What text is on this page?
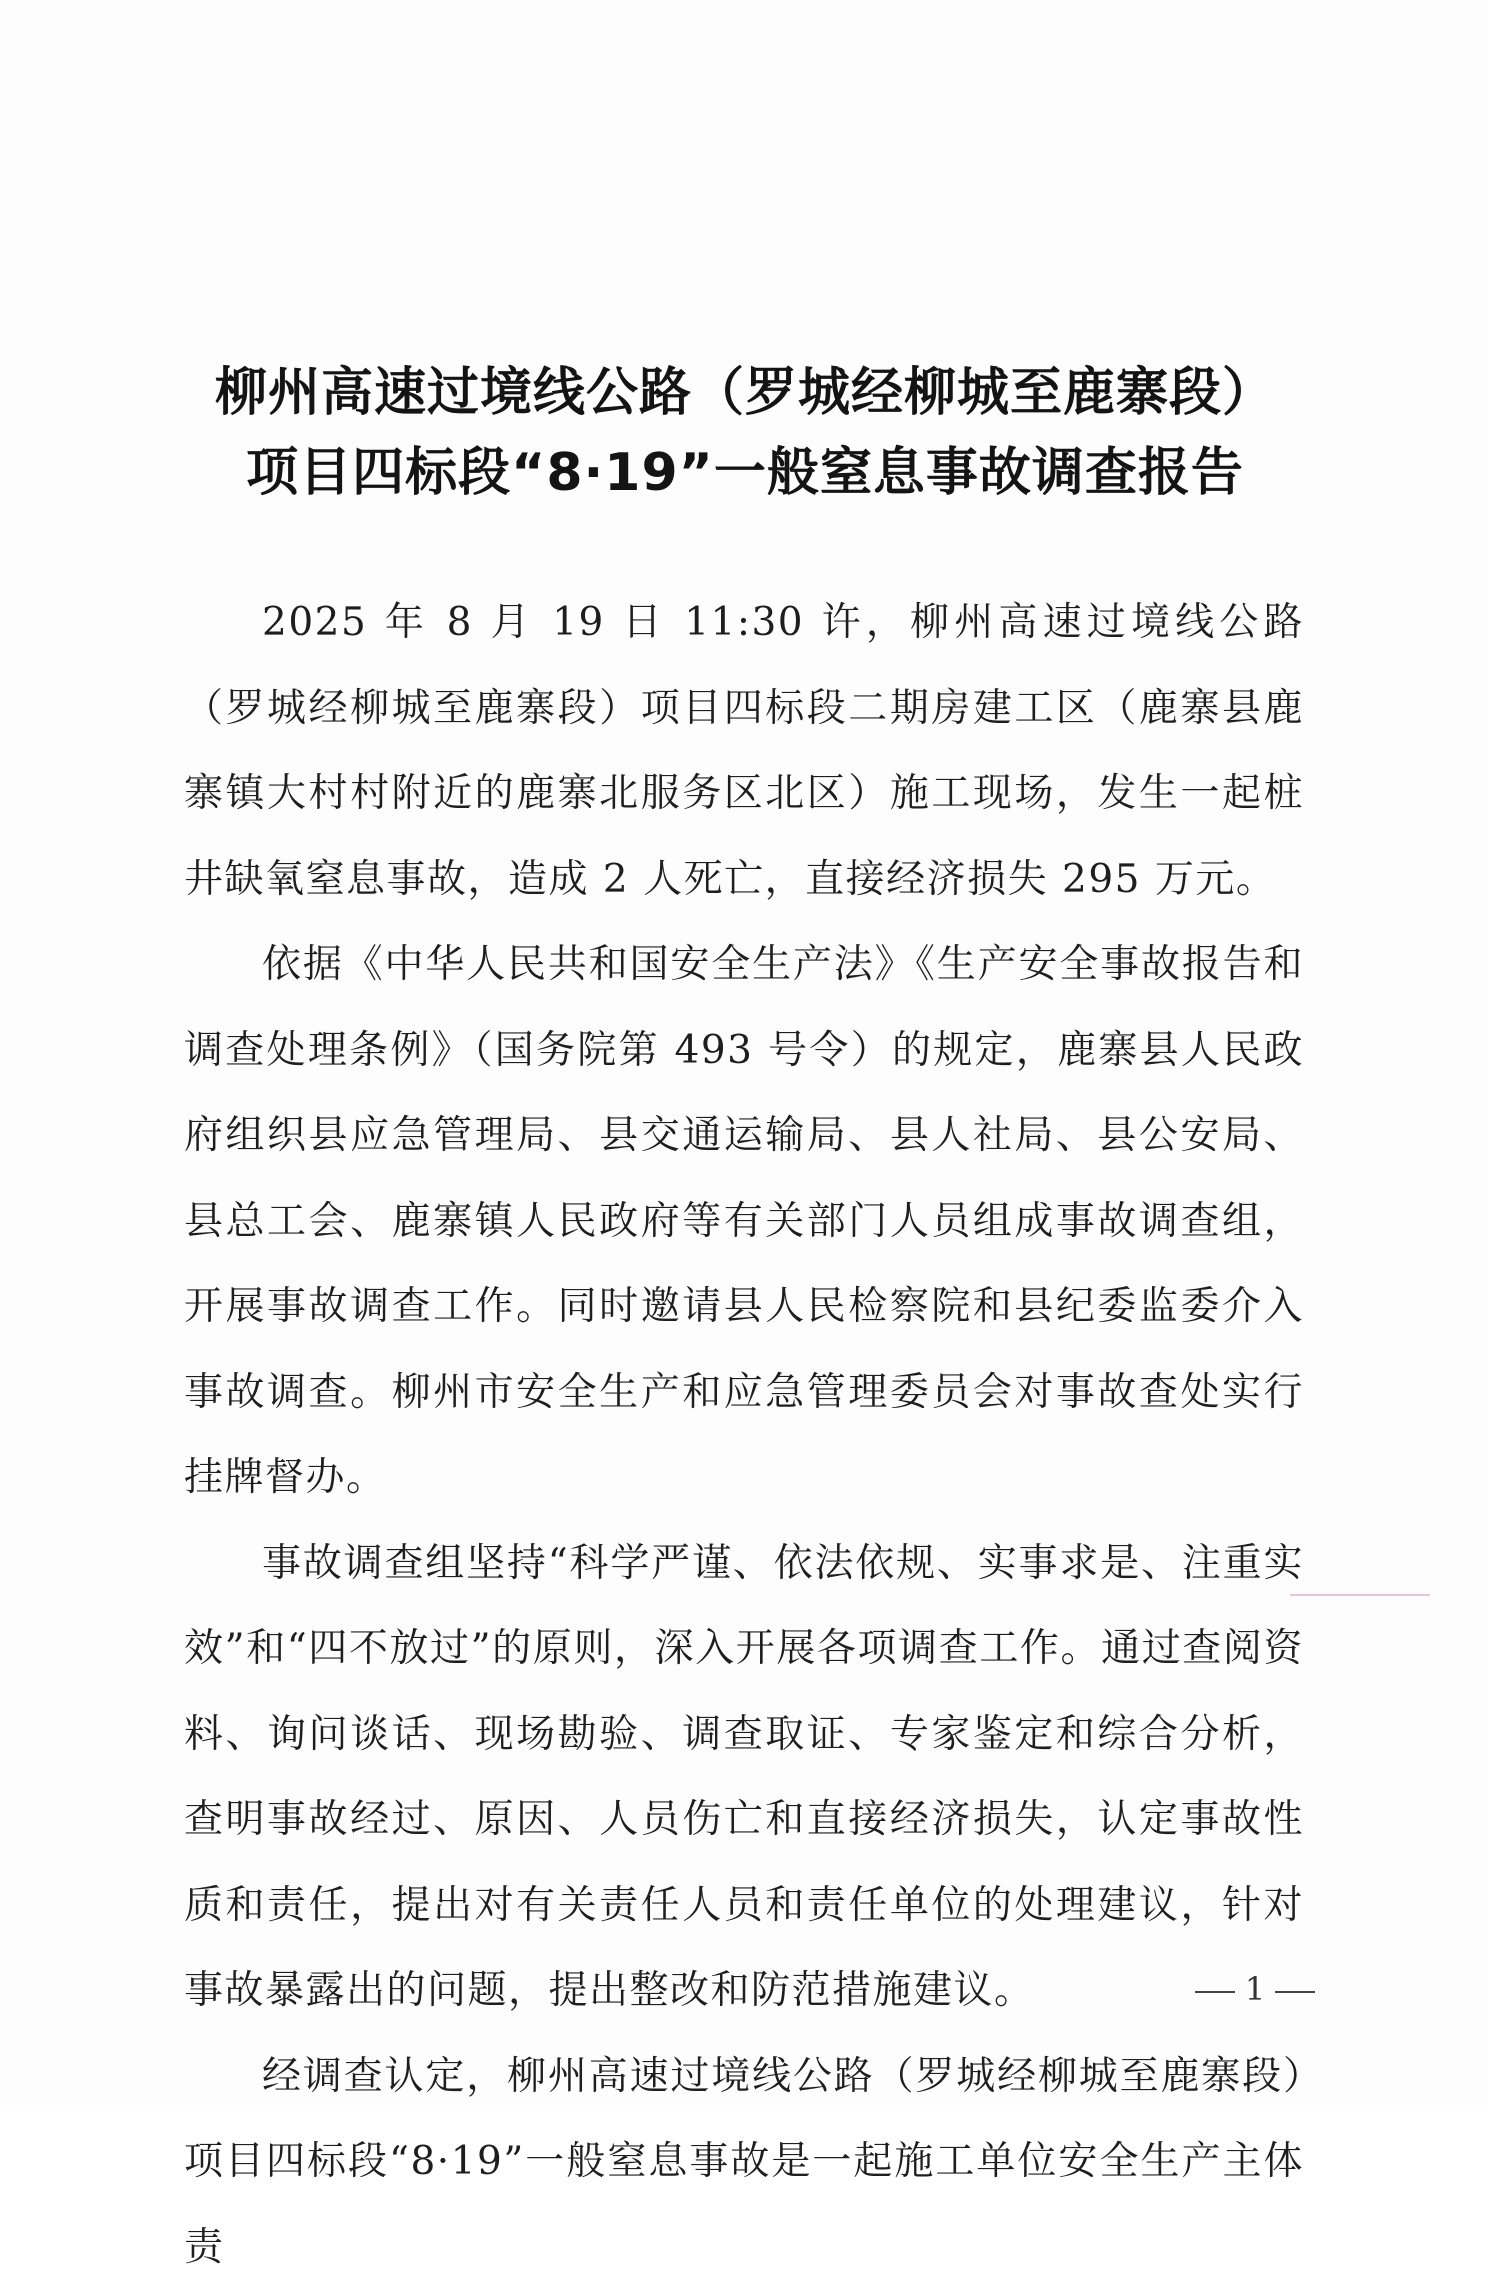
柳州高速过境线公路（罗城经柳城至鹿寨段）
项目四标段“8·19”一般窒息事故调查报告

2025 年 8 月 19 日 11:30 许，柳州高速过境线公路（罗城经柳城至鹿寨段）项目四标段二期房建工区（鹿寨县鹿寨镇大村村附近的鹿寨北服务区北区）施工现场，发生一起桩井缺氧窒息事故，造成 2 人死亡，直接经济损失 295 万元。

依据《中华人民共和国安全生产法》《生产安全事故报告和调查处理条例》（国务院第 493 号令）的规定，鹿寨县人民政府组织县应急管理局、县交通运输局、县人社局、县公安局、县总工会、鹿寨镇人民政府等有关部门人员组成事故调查组，开展事故调查工作。同时邀请县人民检察院和县纪委监委介入事故调查。柳州市安全生产和应急管理委员会对事故查处实行挂牌督办。

事故调查组坚持“科学严谨、依法依规、实事求是、注重实效”和“四不放过”的原则，深入开展各项调查工作。通过查阅资料、询问谈话、现场勘验、调查取证、专家鉴定和综合分析，查明事故经过、原因、人员伤亡和直接经济损失，认定事故性质和责任，提出对有关责任人员和责任单位的处理建议，针对事故暴露出的问题，提出整改和防范措施建议。

经调查认定，柳州高速过境线公路（罗城经柳城至鹿寨段）项目四标段“8·19”一般窒息事故是一起施工单位安全生产主体责

1
